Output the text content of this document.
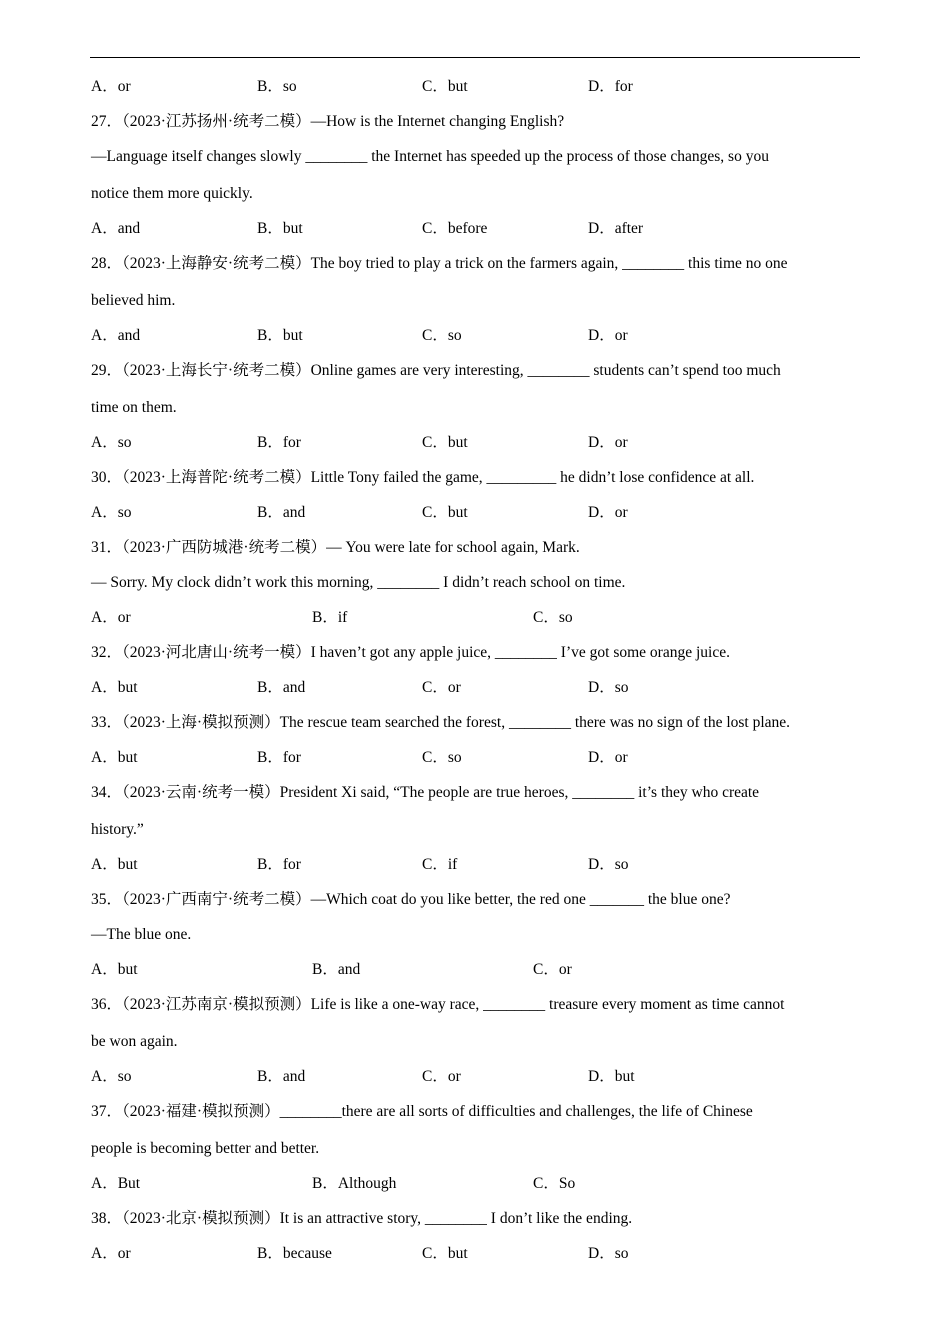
A．or	B．so	C．but	D．for
27．（2023·江苏扬州·统考二模）—How is the Internet changing English?
—Language itself changes slowly ________ the Internet has speeded up the process of those changes, so you
notice them more quickly.
A．and	B．but	C．before	D．after
28．（2023·上海静安·统考二模）The boy tried to play a trick on the farmers again, ________ this time no one
believed him.
A．and	B．but	C．so	D．or
29．（2023·上海长宁·统考二模）Online games are very interesting, ________ students can’t spend too much
time on them.
A．so	B．for	C．but	D．or
30．（2023·上海普陀·统考二模）Little Tony failed the game, _________ he didn’t lose confidence at all.
A．so	B．and	C．but	D．or
31．（2023·广西防城港·统考二模）— You were late for school again, Mark.
— Sorry. My clock didn’t work this morning, ________ I didn’t reach school on time.
A．or	B．if	C．so
32．（2023·河北唐山·统考一模）I haven’t got any apple juice, ________ I’ve got some orange juice.
A．but	B．and	C．or	D．so
33．（2023·上海·模拟预测）The rescue team searched the forest, ________ there was no sign of the lost plane.
A．but	B．for	C．so	D．or
34．（2023·云南·统考一模）President Xi said, “The people are true heroes, ________ it’s they who create
history.”
A．but	B．for	C．if	D．so
35．（2023·广西南宁·统考二模）—Which coat do you like better, the red one _______ the blue one?
—The blue one.
A．but	B．and	C．or
36．（2023·江苏南京·模拟预测）Life is like a one-way race, ________ treasure every moment as time cannot
be won again.
A．so	B．and	C．or	D．but
37．（2023·福建·模拟预测）________there are all sorts of difficulties and challenges, the life of Chinese
people is becoming better and better.
A．But	B．Although	C．So
38．（2023·北京·模拟预测）It is an attractive story, ________ I don’t like the ending.
A．or	B．because	C．but	D．so
